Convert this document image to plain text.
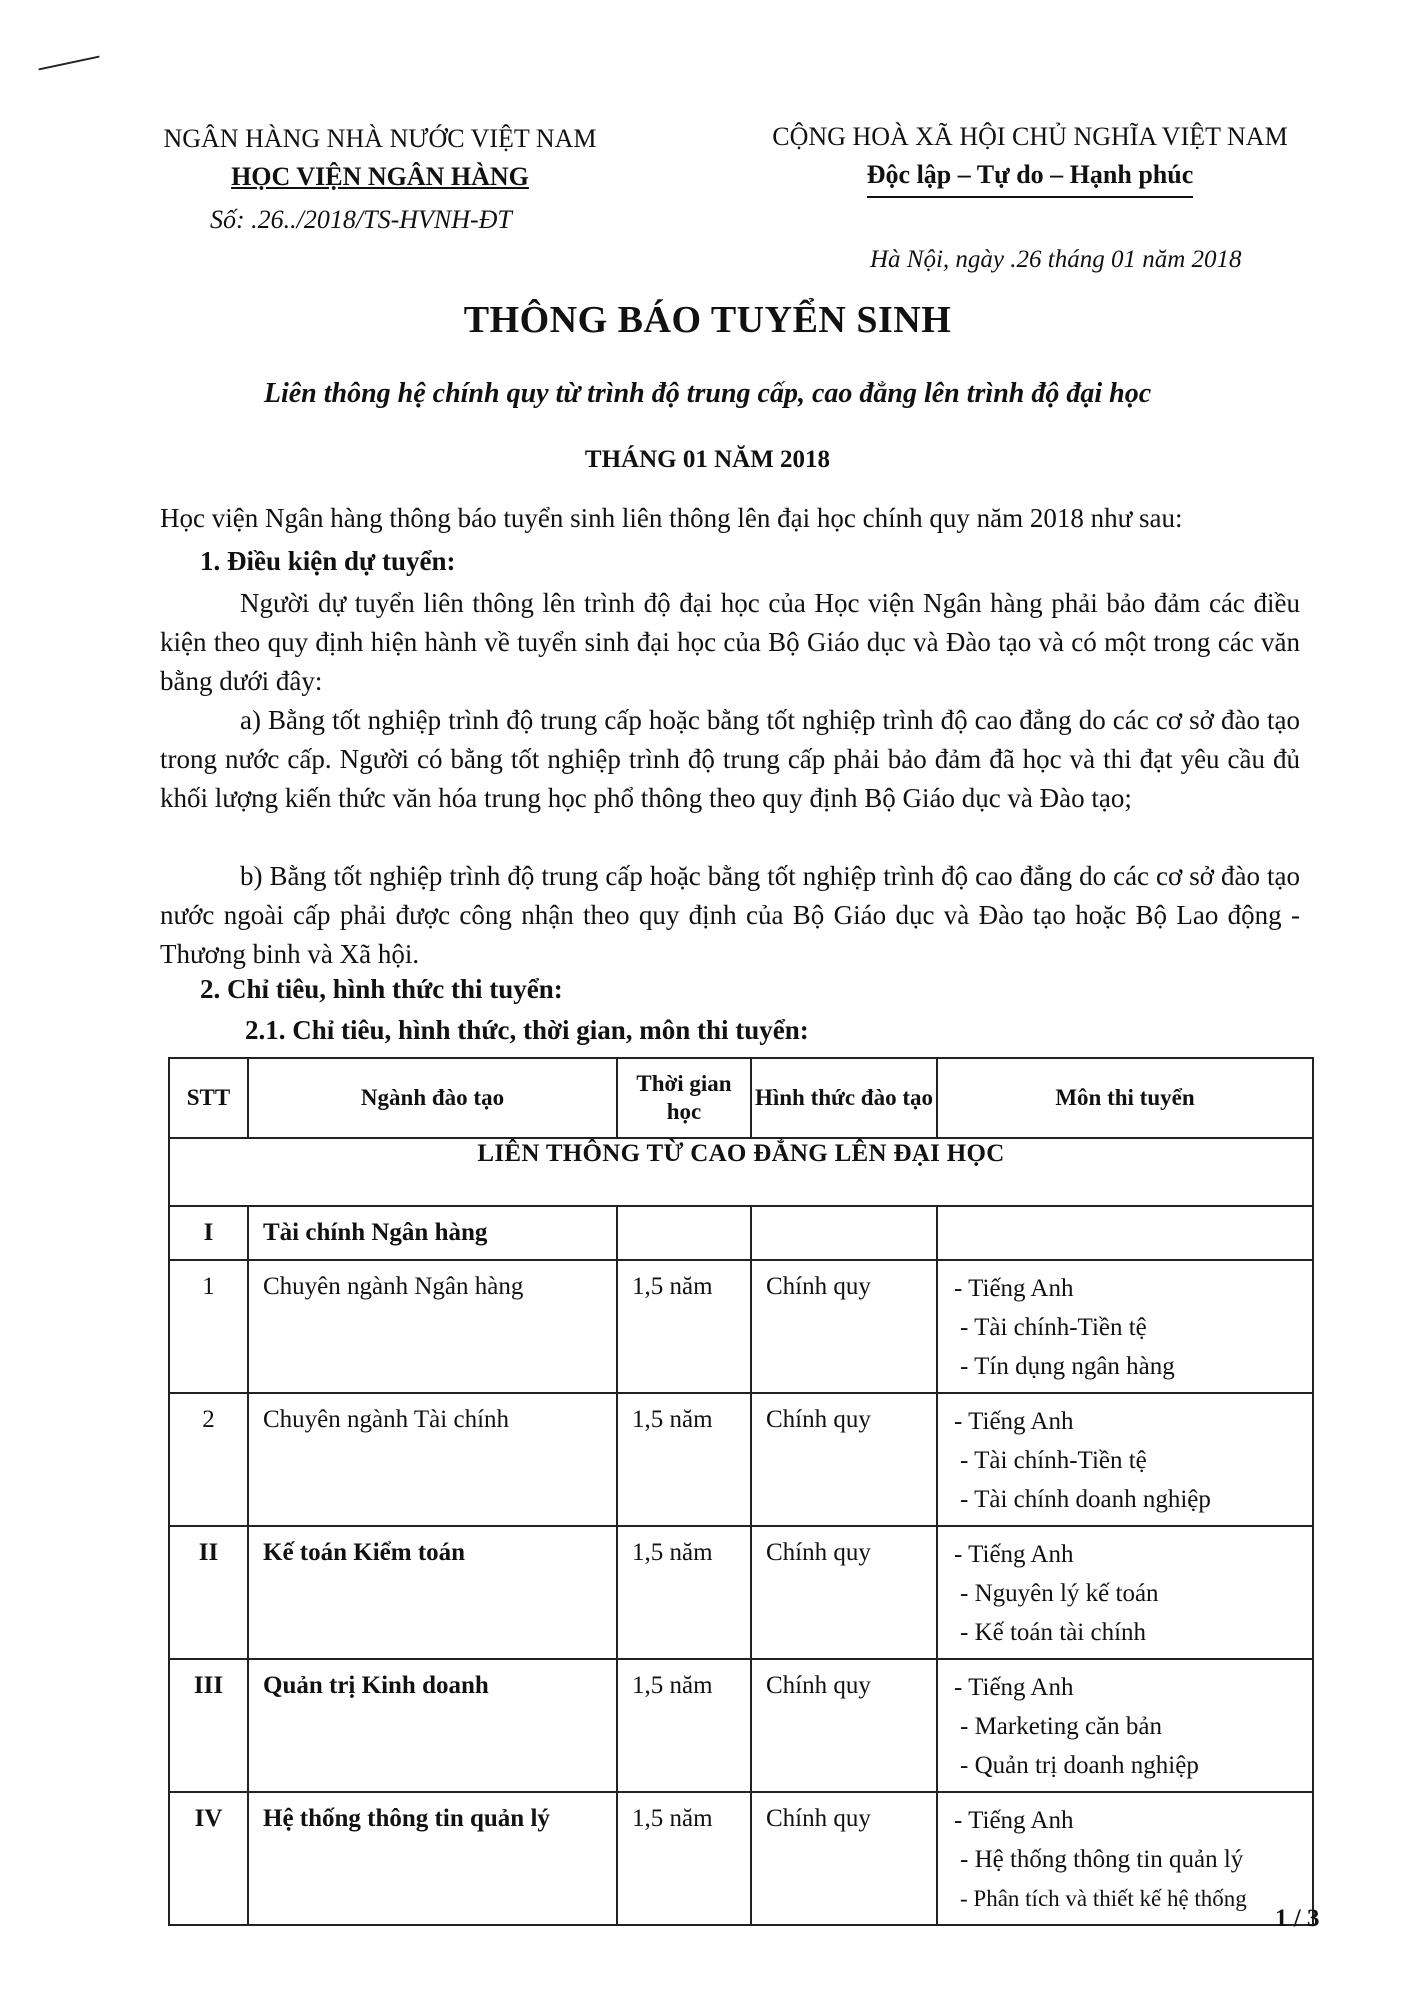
NGÂN HÀNG NHÀ NƯỚC VIỆT NAM
HỌC VIỆN NGÂN HÀNG
Số: .26../2018/TS-HVNH-ĐT
CỘNG HOÀ XÃ HỘI CHỦ NGHĨA VIỆT NAM
Độc lập – Tự do – Hạnh phúc
Hà Nội, ngày .26 tháng 01 năm 2018
THÔNG BÁO TUYỂN SINH
Liên thông hệ chính quy từ trình độ trung cấp, cao đẳng lên trình độ đại học
THÁNG 01 NĂM 2018
Học viện Ngân hàng thông báo tuyển sinh liên thông lên đại học chính quy năm 2018 như sau:
1. Điều kiện dự tuyển:
Người dự tuyển liên thông lên trình độ đại học của Học viện Ngân hàng phải bảo đảm các điều kiện theo quy định hiện hành về tuyển sinh đại học của Bộ Giáo dục và Đào tạo và có một trong các văn bằng dưới đây:
a) Bằng tốt nghiệp trình độ trung cấp hoặc bằng tốt nghiệp trình độ cao đẳng do các cơ sở đào tạo trong nước cấp. Người có bằng tốt nghiệp trình độ trung cấp phải bảo đảm đã học và thi đạt yêu cầu đủ khối lượng kiến thức văn hóa trung học phổ thông theo quy định Bộ Giáo dục và Đào tạo;
b) Bằng tốt nghiệp trình độ trung cấp hoặc bằng tốt nghiệp trình độ cao đẳng do các cơ sở đào tạo nước ngoài cấp phải được công nhận theo quy định của Bộ Giáo dục và Đào tạo hoặc Bộ Lao động - Thương binh và Xã hội.
2. Chỉ tiêu, hình thức thi tuyển:
2.1. Chỉ tiêu, hình thức, thời gian, môn thi tuyển:
STT	Ngành đào tạo	Thời gian học	Hình thức đào tạo	Môn thi tuyển
LIÊN THÔNG TỪ CAO ĐẲNG LÊN ĐẠI HỌC				
I	Tài chính Ngân hàng			
1	Chuyên ngành Ngân hàng	1,5 năm	Chính quy	- Tiếng Anh
- Tài chính-Tiền tệ
- Tín dụng ngân hàng

2	Chuyên ngành Tài chính	1,5 năm	Chính quy	- Tiếng Anh
- Tài chính-Tiền tệ
- Tài chính doanh nghiệp

II	Kế toán Kiểm toán	1,5 năm	Chính quy	- Tiếng Anh
- Nguyên lý kế toán
- Kế toán tài chính

III	Quản trị Kinh doanh	1,5 năm	Chính quy	- Tiếng Anh
- Marketing căn bản
- Quản trị doanh nghiệp

IV	Hệ thống thông tin quản lý	1,5 năm	Chính quy	- Tiếng Anh
- Hệ thống thông tin quản lý
- Phân tích và thiết kế hệ thống
1 / 3
